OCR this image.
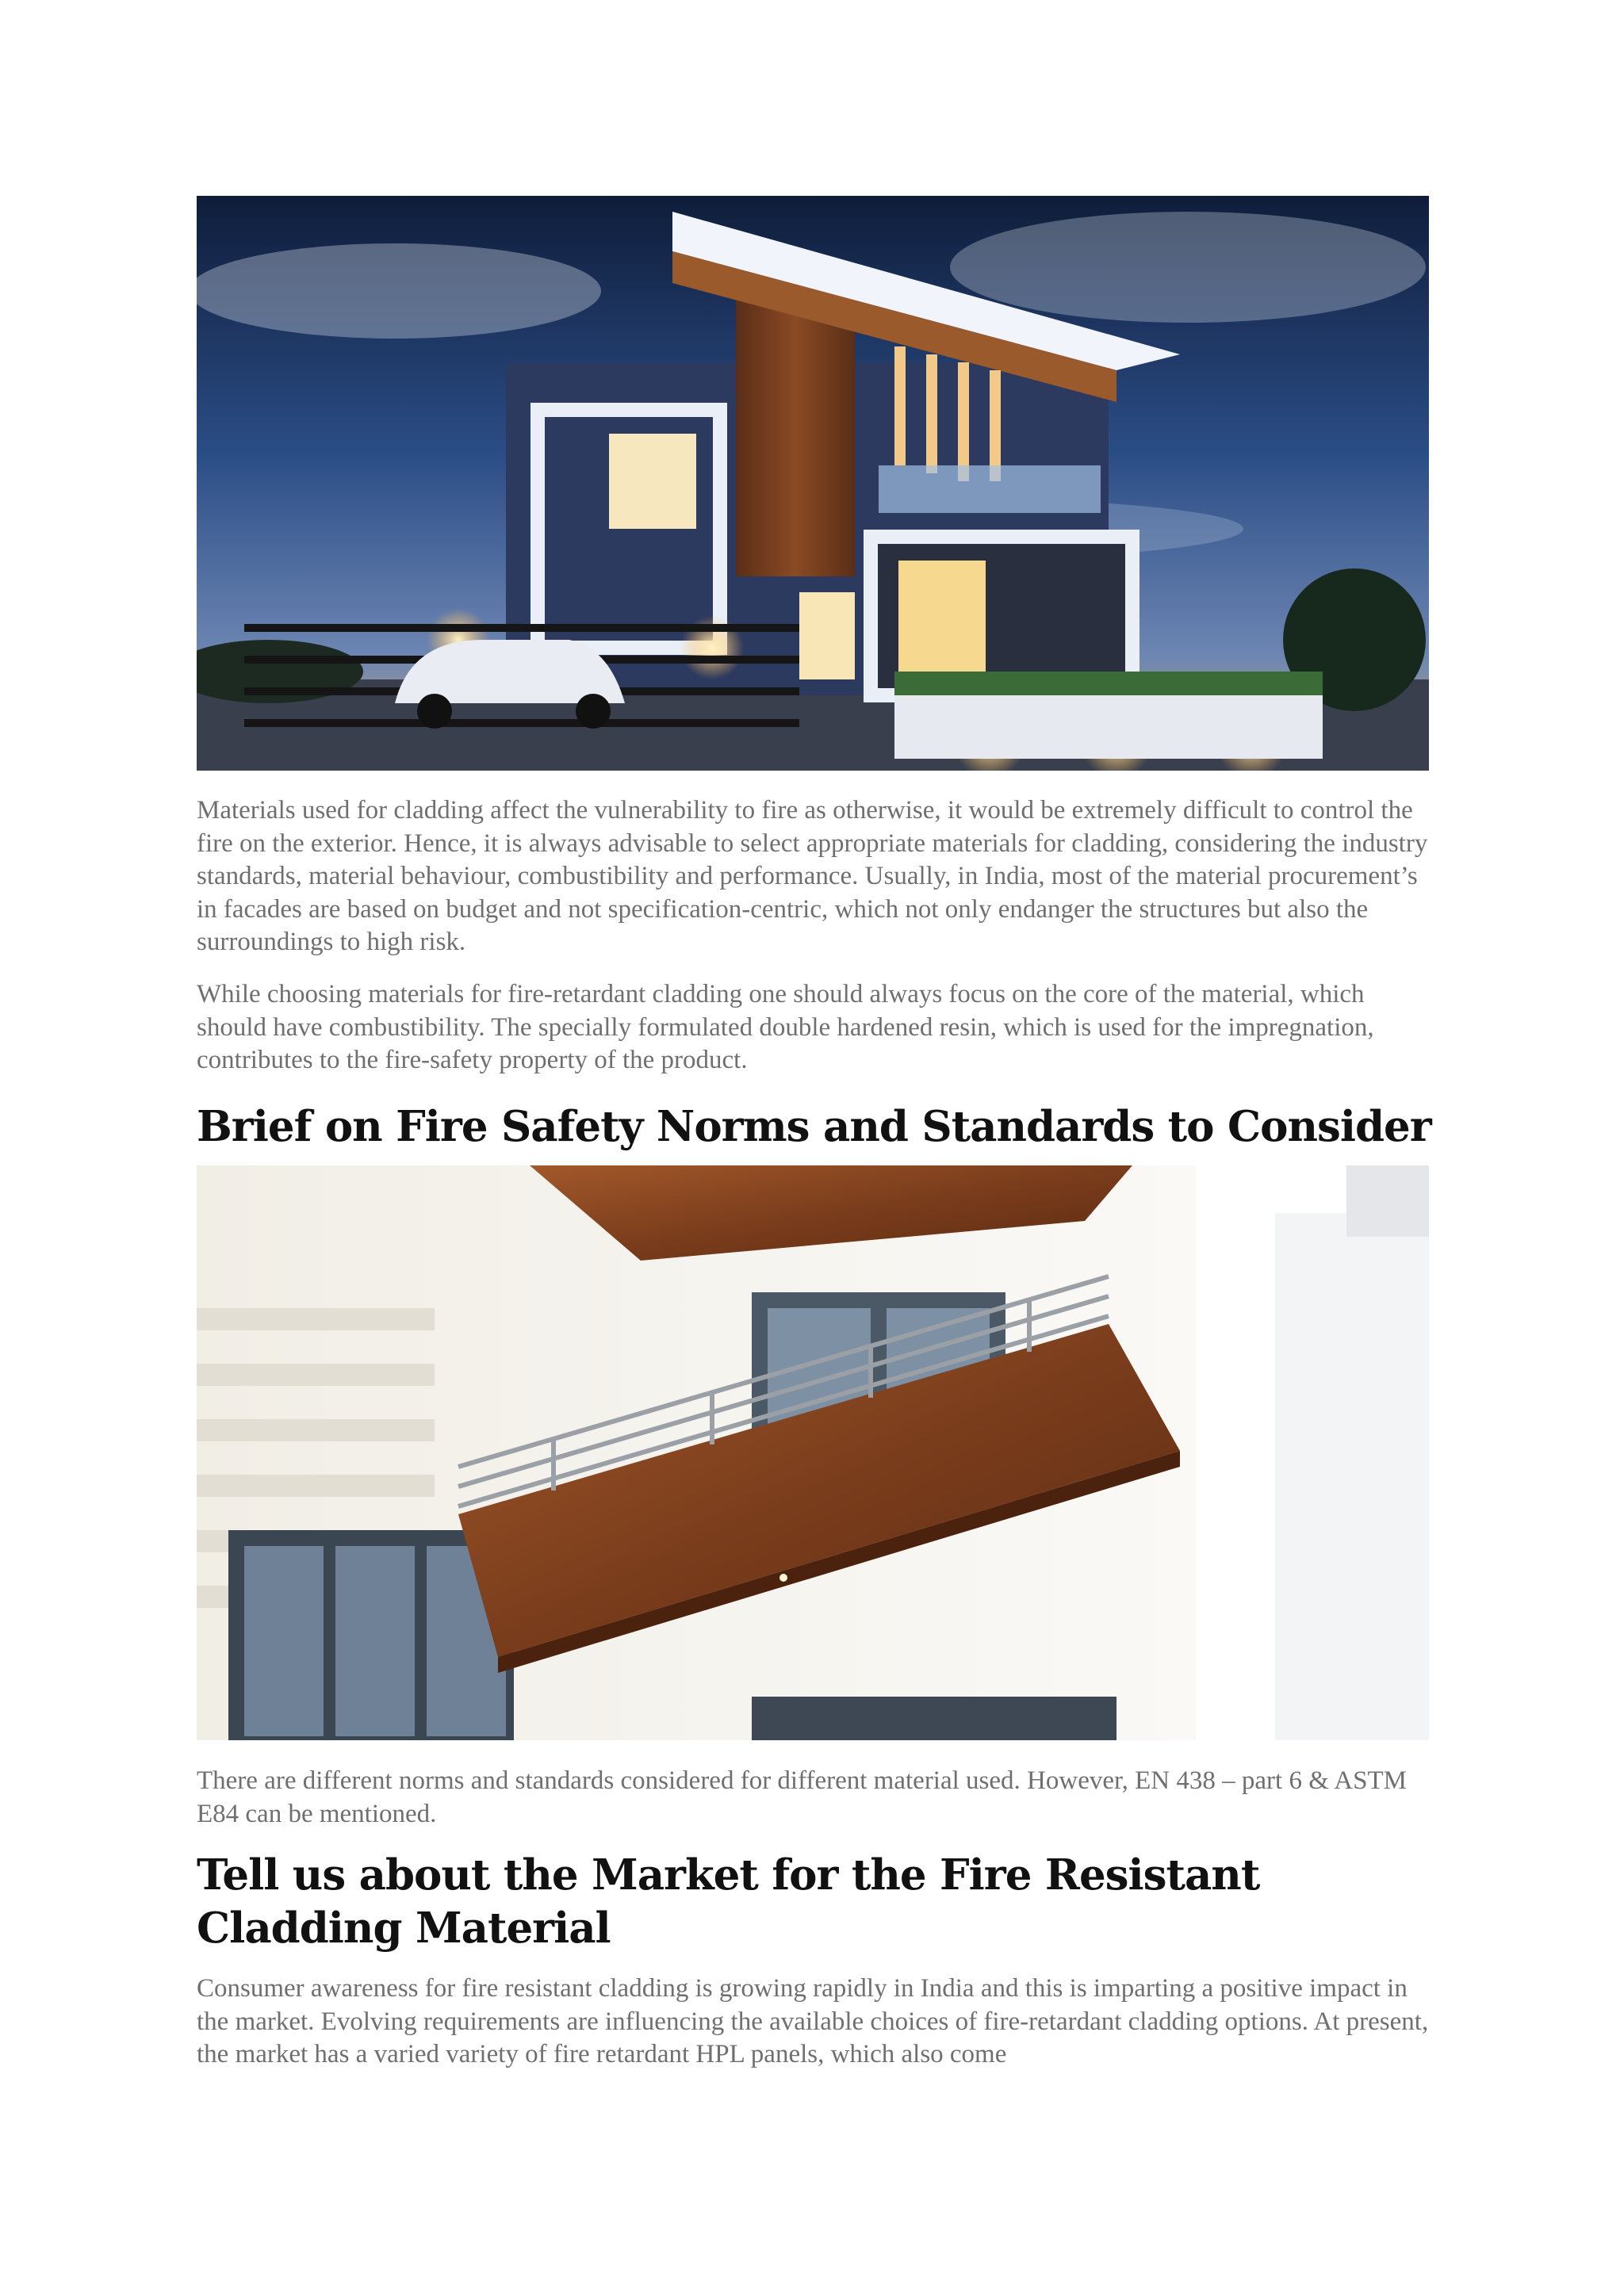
Materials used for cladding affect the vulnerability to fire as otherwise, it would be extremely difficult to control the fire on the exterior. Hence, it is always advisable to select appropriate materials for cladding, considering the industry standards, material behaviour, combustibility and performance. Usually, in India, most of the material procurement’s in facades are based on budget and not specification-centric, which not only endanger the structures but also the surroundings to high risk.

While choosing materials for fire-retardant cladding one should always focus on the core of the material, which should have combustibility. The specially formulated double hardened resin, which is used for the impregnation, contributes to the fire-safety property of the product.

Brief on Fire Safety Norms and Standards to Consider

There are different norms and standards considered for different material used. However, EN 438 – part 6 & ASTM E84 can be mentioned.

Tell us about the Market for the Fire Resistant Cladding Material

Consumer awareness for fire resistant cladding is growing rapidly in India and this is imparting a positive impact in the market. Evolving requirements are influencing the available choices of fire-retardant cladding options. At present, the market has a varied variety of fire retardant HPL panels, which also come
